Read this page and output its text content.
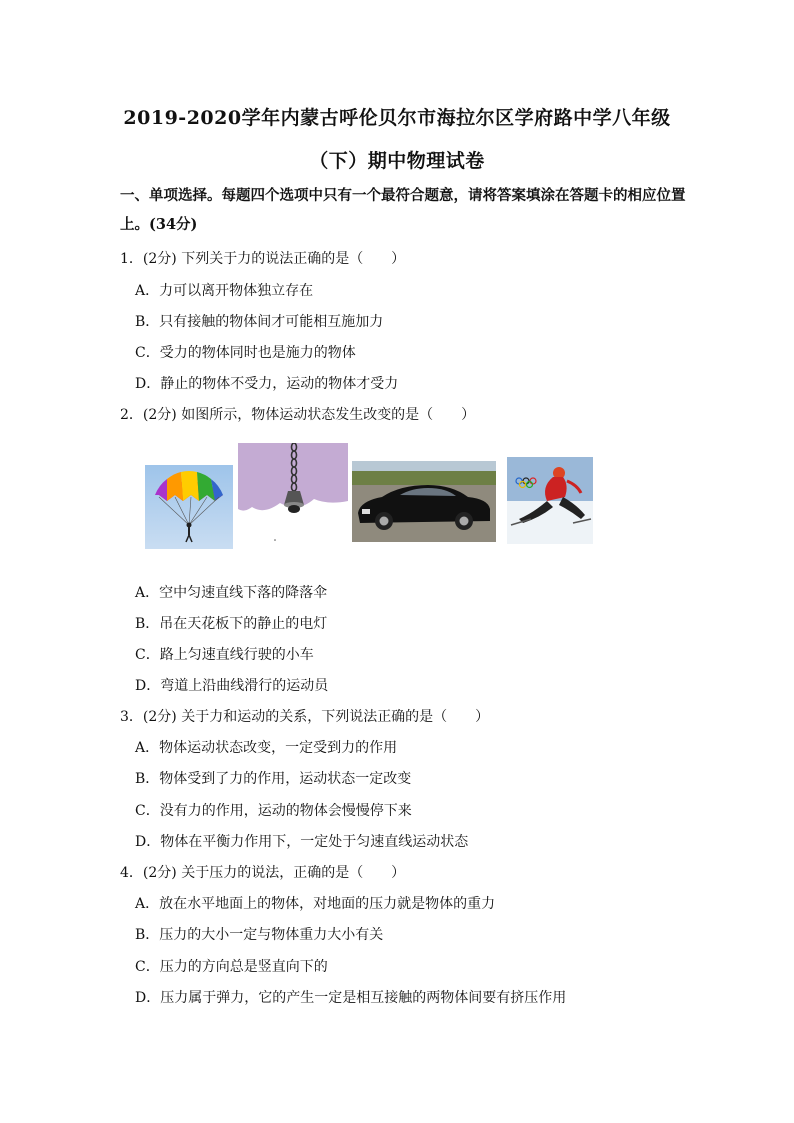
2019-2020学年内蒙古呼伦贝尔市海拉尔区学府路中学八年级
（下）期中物理试卷
一、单项选择。每题四个选项中只有一个最符合题意，请将答案填涂在答题卡的相应位置上。(34分)
1．(2分) 下列关于力的说法正确的是（　　）
A．力可以离开物体独立存在
B．只有接触的物体间才可能相互施加力
C．受力的物体同时也是施力的物体
D．静止的物体不受力，运动的物体才受力
2．(2分) 如图所示，物体运动状态发生改变的是（　　）
A．空中匀速直线下落的降落伞
B．吊在天花板下的静止的电灯
C．路上匀速直线行驶的小车
D．弯道上沿曲线滑行的运动员
3．(2分) 关于力和运动的关系，下列说法正确的是（　　）
A．物体运动状态改变，一定受到力的作用
B．物体受到了力的作用，运动状态一定改变
C．没有力的作用，运动的物体会慢慢停下来
D．物体在平衡力作用下，一定处于匀速直线运动状态
4．(2分) 关于压力的说法，正确的是（　　）
A．放在水平地面上的物体，对地面的压力就是物体的重力
B．压力的大小一定与物体重力大小有关
C．压力的方向总是竖直向下的
D．压力属于弹力，它的产生一定是相互接触的两物体间要有挤压作用
